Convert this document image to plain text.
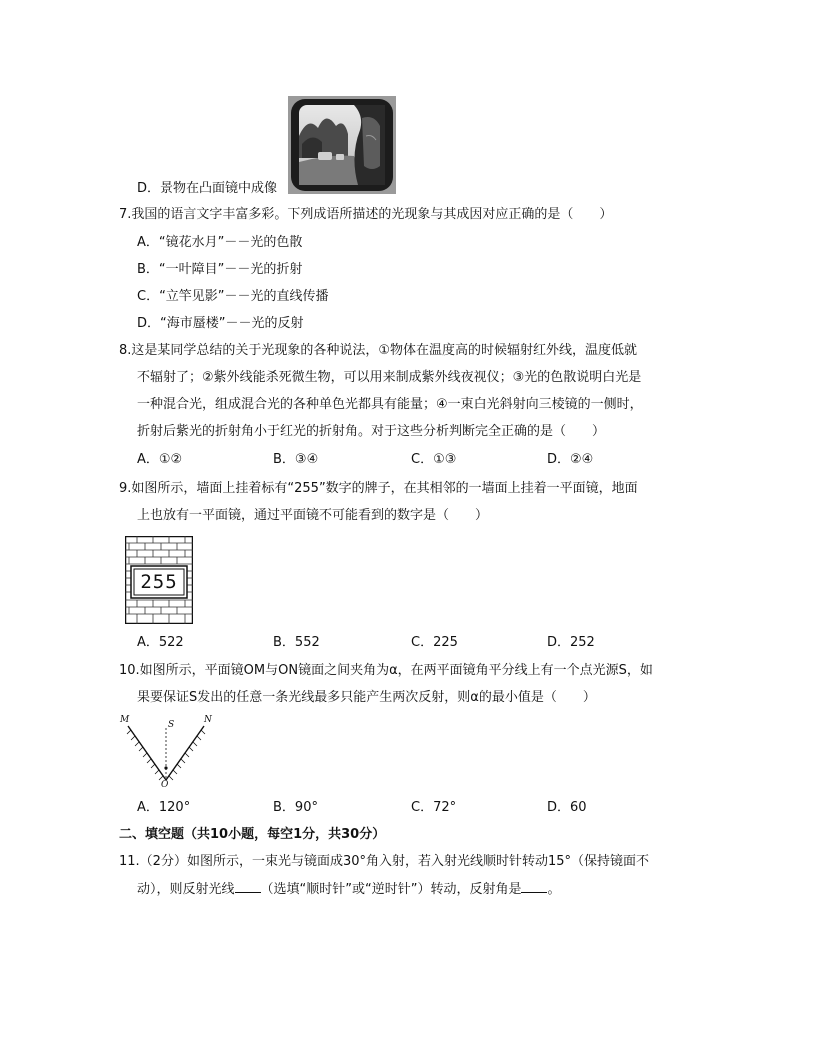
D．景物在凸面镜中成像
7.我国的语言文字丰富多彩。下列成语所描述的光现象与其成因对应正确的是（　　）
A．“镜花水月”－－光的色散
B．“一叶障目”－－光的折射
C．“立竿见影”－－光的直线传播
D．“海市蜃楼”－－光的反射
8.这是某同学总结的关于光现象的各种说法，①物体在温度高的时候辐射红外线，温度低就
不辐射了；②紫外线能杀死微生物，可以用来制成紫外线夜视仪；③光的色散说明白光是
一种混合光，组成混合光的各种单色光都具有能量；④一束白光斜射向三棱镜的一侧时，
折射后紫光的折射角小于红光的折射角。对于这些分析判断完全正确的是（　　）
A．①②	B．③④	C．①③	D．②④
9.如图所示，墙面上挂着标有“255”数字的牌子，在其相邻的一墙面上挂着一平面镜，地面
上也放有一平面镜，通过平面镜不可能看到的数字是（　　）
255
A．522	B．552	C．225	D．252
10.如图所示，平面镜OM与ON镜面之间夹角为α，在两平面镜角平分线上有一个点光源S，如
果要保证S发出的任意一条光线最多只能产生两次反射，则α的最小值是（　　）
M	S	N
O
A．120°	B．90°	C．72°	D．60
二、填空题（共10小题，每空1分，共30分）
11.（2分）如图所示，一束光与镜面成30°角入射，若入射光线顺时针转动15°（保持镜面不
动），则反射光线 （选填“顺时针”或“逆时针”）转动，反射角是 。
